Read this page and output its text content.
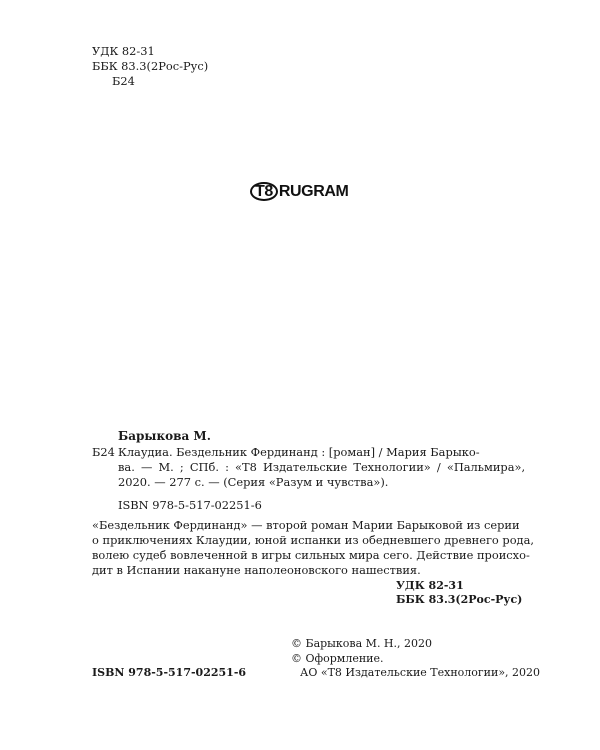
УДК 82-31
ББК 83.3(2Рос-Рус)
Б24
T8 RUGRAM
Барыкова М.
Б24 Клаудиа. Бездельник Фердинанд : [роман] / Мария Барыко-
ва. — М. ; СПб. : «Т8 Издательские Технологии» / «Пальмира»,
2020. — 277 с. — (Серия «Разум и чувства»).
ISBN 978-5-517-02251-6
«Бездельник Фердинанд» — второй роман Марии Барыковой из серии
о приключениях Клаудии, юной испанки из обедневшего древнего рода,
волею судеб вовлеченной в игры сильных мира сего. Действие происхо-
дит в Испании накануне наполеоновского нашествия.
УДК 82-31
ББК 83.3(2Рос-Рус)
© Барыкова М. Н., 2020
© Оформление.
АО «Т8 Издательские Технологии», 2020
ISBN 978-5-517-02251-6
